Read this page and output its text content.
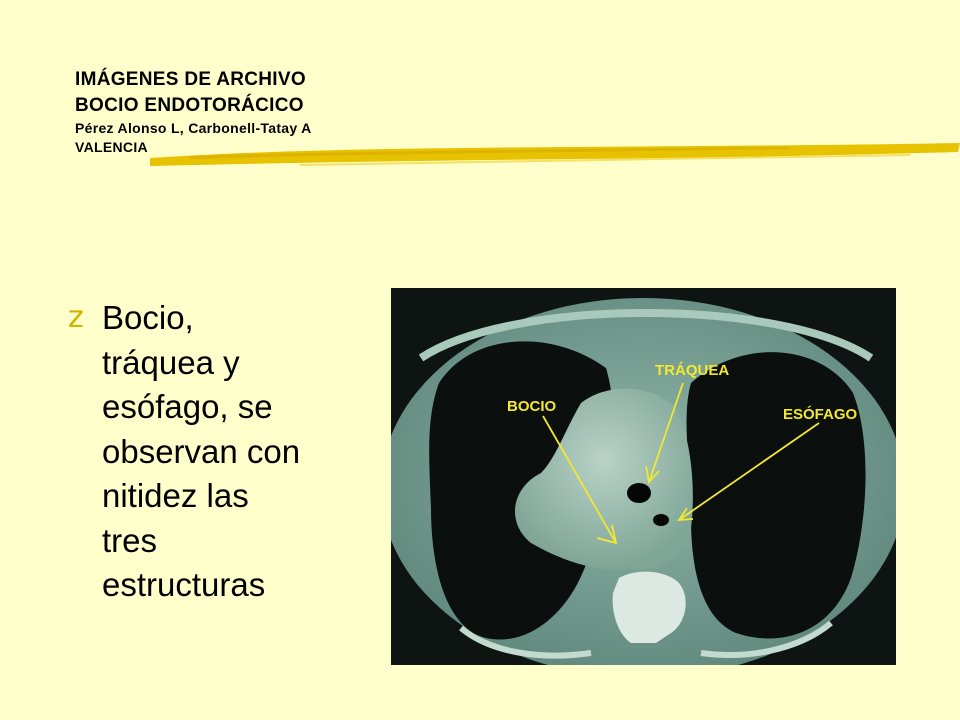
IMÁGENES DE ARCHIVO
BOCIO ENDOTORÁCICO
Pérez Alonso L, Carbonell-Tatay A
VALENCIA
z Bocio,
tráquea y
esófago, se
observan con
nitidez las
tres
estructuras
BOCIO
TRÁQUEA
ESÓFAGO
